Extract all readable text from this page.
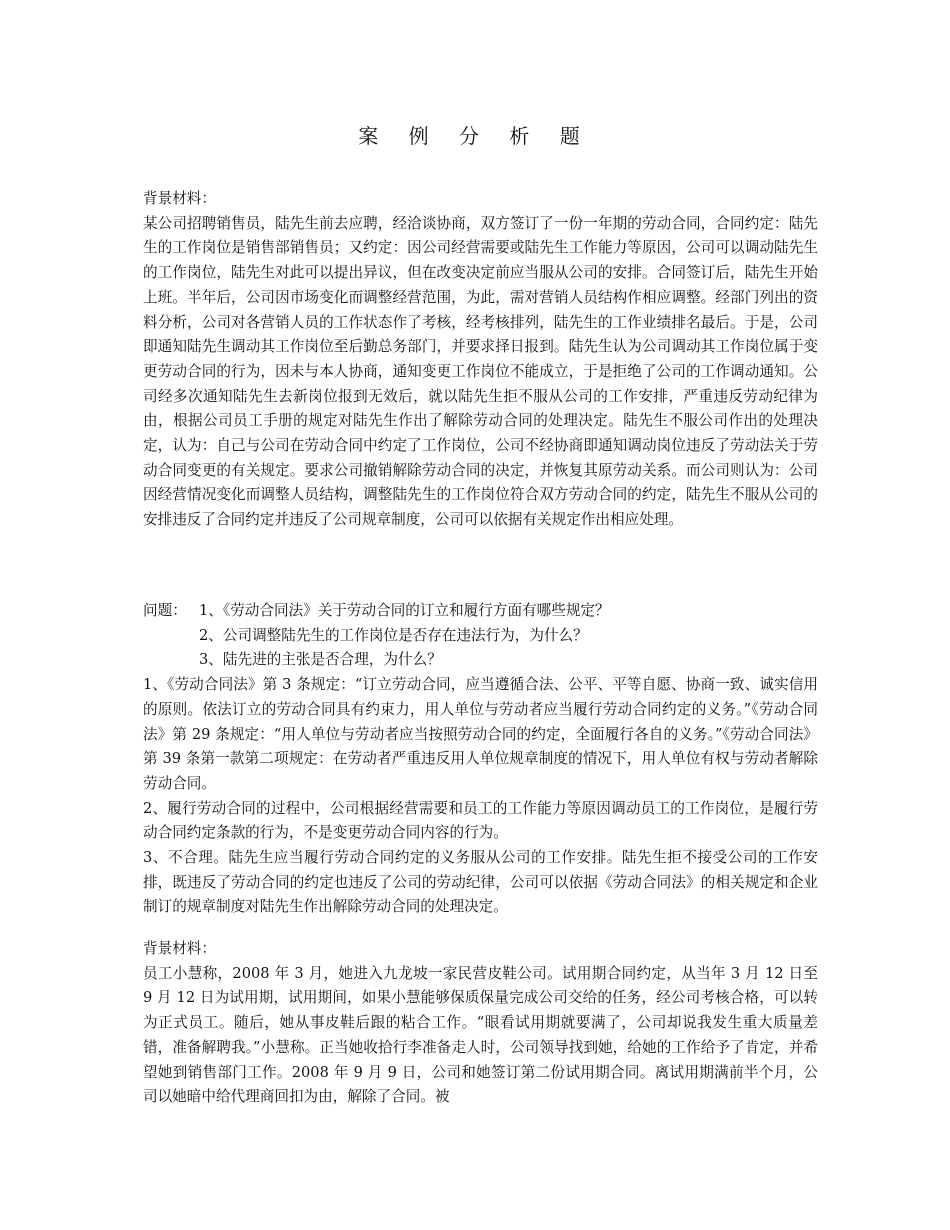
案 例 分 析 题

背景材料：

某公司招聘销售员，陆先生前去应聘，经洽谈协商，双方签订了一份一年期的劳动合同，合同约定：陆先生的工作岗位是销售部销售员；又约定：因公司经营需要或陆先生工作能力等原因，公司可以调动陆先生的工作岗位，陆先生对此可以提出异议，但在改变决定前应当服从公司的安排。合同签订后，陆先生开始上班。半年后，公司因市场变化而调整经营范围，为此，需对营销人员结构作相应调整。经部门列出的资料分析，公司对各营销人员的工作状态作了考核，经考核排列，陆先生的工作业绩排名最后。于是，公司即通知陆先生调动其工作岗位至后勤总务部门，并要求择日报到。陆先生认为公司调动其工作岗位属于变更劳动合同的行为，因未与本人协商，通知变更工作岗位不能成立，于是拒绝了公司的工作调动通知。公司经多次通知陆先生去新岗位报到无效后，就以陆先生拒不服从公司的工作安排，严重违反劳动纪律为由，根据公司员工手册的规定对陆先生作出了解除劳动合同的处理决定。陆先生不服公司作出的处理决定，认为：自己与公司在劳动合同中约定了工作岗位，公司不经协商即通知调动岗位违反了劳动法关于劳动合同变更的有关规定。要求公司撤销解除劳动合同的决定，并恢复其原劳动关系。而公司则认为：公司因经营情况变化而调整人员结构，调整陆先生的工作岗位符合双方劳动合同的约定，陆先生不服从公司的安排违反了合同约定并违反了公司规章制度，公司可以依据有关规定作出相应处理。

问题： 1、《劳动合同法》关于劳动合同的订立和履行方面有哪些规定？

2、公司调整陆先生的工作岗位是否存在违法行为，为什么？

3、陆先进的主张是否合理，为什么？

1、《劳动合同法》第 3 条规定：“订立劳动合同，应当遵循合法、公平、平等自愿、协商一致、诚实信用的原则。依法订立的劳动合同具有约束力，用人单位与劳动者应当履行劳动合同约定的义务。”《劳动合同法》第 29 条规定：“用人单位与劳动者应当按照劳动合同的约定，全面履行各自的义务。”《劳动合同法》第 39 条第一款第二项规定：在劳动者严重违反用人单位规章制度的情况下，用人单位有权与劳动者解除劳动合同。

2、履行劳动合同的过程中，公司根据经营需要和员工的工作能力等原因调动员工的工作岗位，是履行劳动合同约定条款的行为，不是变更劳动合同内容的行为。

3、不合理。陆先生应当履行劳动合同约定的义务服从公司的工作安排。陆先生拒不接受公司的工作安排，既违反了劳动合同的约定也违反了公司的劳动纪律，公司可以依据《劳动合同法》的相关规定和企业制订的规章制度对陆先生作出解除劳动合同的处理决定。

背景材料：

员工小慧称，2008 年 3 月，她进入九龙坡一家民营皮鞋公司。试用期合同约定，从当年 3 月 12 日至 9 月 12 日为试用期，试用期间，如果小慧能够保质保量完成公司交给的任务，经公司考核合格，可以转为正式员工。随后，她从事皮鞋后跟的粘合工作。“眼看试用期就要满了，公司却说我发生重大质量差错，准备解聘我。”小慧称。正当她收拾行李准备走人时，公司领导找到她，给她的工作给予了肯定，并希望她到销售部门工作。2008 年 9 月 9 日，公司和她签订第二份试用期合同。离试用期满前半个月，公司以她暗中给代理商回扣为由，解除了合同。被
